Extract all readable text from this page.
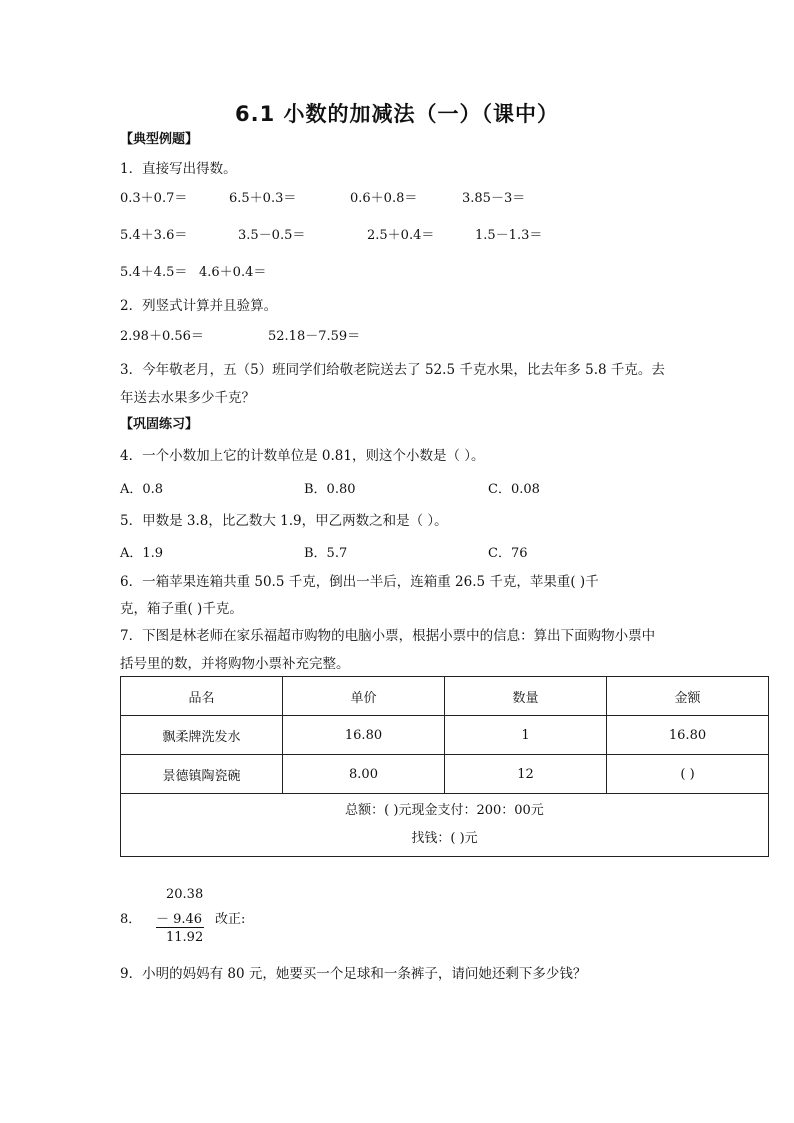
6.1 小数的加减法（一）（课中）
【典型例题】
1．直接写出得数。
0.3＋0.7＝	6.5＋0.3＝	0.6＋0.8＝	3.85－3＝
5.4＋3.6＝	3.5－0.5＝	2.5＋0.4＝	1.5－1.3＝
5.4＋4.5＝ 4.6＋0.4＝
2．列竖式计算并且验算。
2.98＋0.56＝	52.18－7.59＝
3．今年敬老月，五（5）班同学们给敬老院送去了 52.5 千克水果，比去年多 5.8 千克。去
年送去水果多少千克？
【巩固练习】
4．一个小数加上它的计数单位是 0.81，则这个小数是（ ）。
A．0.8	B．0.80	C．0.08
5．甲数是 3.8，比乙数大 1.9，甲乙两数之和是（ ）。
A．1.9	B．5.7	C．76
6．一箱苹果连箱共重 50.5 千克，倒出一半后，连箱重 26.5 千克，苹果重( )千
克，箱子重( )千克。
7．下图是林老师在家乐福超市购物的电脑小票，根据小票中的信息：算出下面购物小票中
括号里的数，并将购物小票补充完整。
品名	单价	数量	金额
飘柔牌洗发水	16.80	1	16.80
景德镇陶瓷碗	8.00	12	( )

总额：( )元现金支付：200：00元
找钱：( )元			
8．
20.38
－ 9.46
11.92
改正:
9．小明的妈妈有 80 元，她要买一个足球和一条裤子，请问她还剩下多少钱？
